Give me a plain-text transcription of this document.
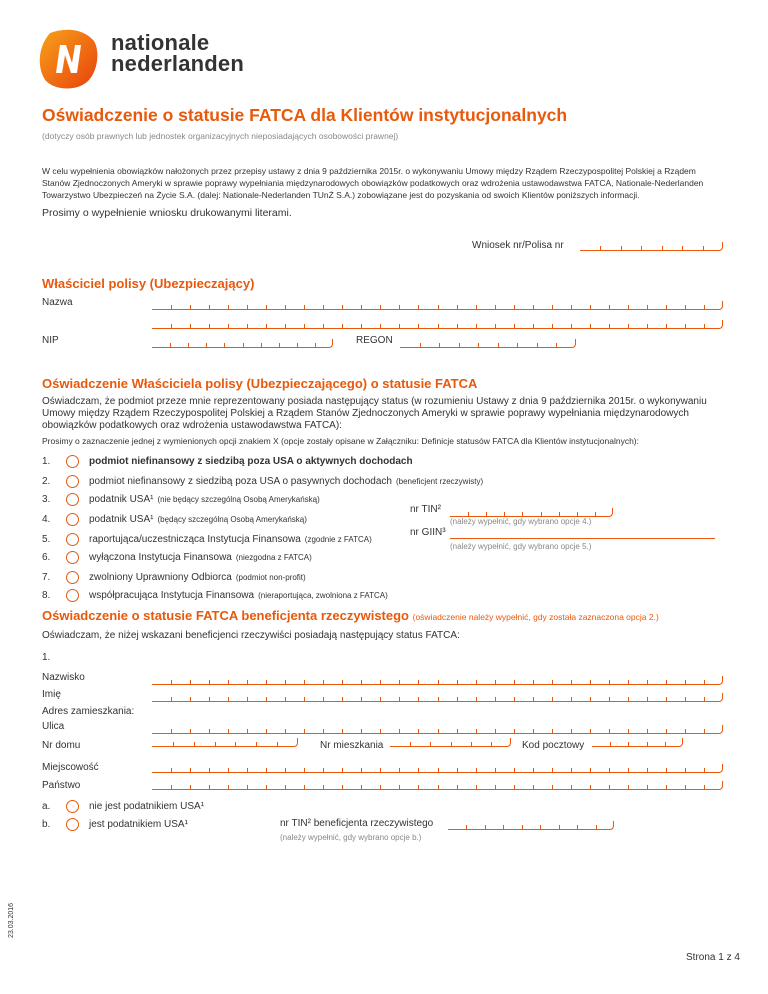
nationale
nederlanden
Oświadczenie o statusie FATCA dla Klientów instytucjonalnych
(dotyczy osób prawnych lub jednostek organizacyjnych nieposiadających osobowości prawnej)
W celu wypełnienia obowiązków nałożonych przez przepisy ustawy z dnia 9 października 2015r. o wykonywaniu Umowy między Rządem Rzeczypospolitej Polskiej a Rządem Stanów Zjednoczonych Ameryki w sprawie poprawy wypełniania międzynarodowych obowiązków podatkowych oraz wdrożenia ustawodawstwa FATCA, Nationale-Nederlanden Towarzystwo Ubezpieczeń na Życie S.A. (dalej: Nationale-Nederlanden TUnŻ S.A.) zobowiązane jest do pozyskania od swoich Klientów poniższych informacji.
Prosimy o wypełnienie wniosku drukowanymi literami.
Wniosek nr/Polisa nr
Właściciel polisy (Ubezpieczający)
Nazwa
NIP	REGON
Oświadczenie Właściciela polisy (Ubezpieczającego) o statusie FATCA
Oświadczam, że podmiot przeze mnie reprezentowany posiada następujący status (w rozumieniu Ustawy z dnia 9 października 2015r. o wykonywaniu Umowy między Rządem Rzeczypospolitej Polskiej a Rządem Stanów Zjednoczonych Ameryki w sprawie poprawy wypełniania międzynarodowych obowiązków podatkowych oraz wdrożenia ustawodawstwa FATCA):
Prosimy o zaznaczenie jednej z wymienionych opcji znakiem X (opcje zostały opisane w Załączniku: Definicje statusów FATCA dla Klientów instytucjonalnych):
1.	podmiot niefinansowy z siedzibą poza USA o aktywnych dochodach
2.	podmiot niefinansowy z siedzibą poza USA o pasywnych dochodach (beneficjent rzeczywisty)
3.	podatnik USA¹ (nie będący szczególną Osobą Amerykańską)
4.	podatnik USA¹ (będący szczególną Osobą Amerykańską)
5.	raportująca/uczestnicząca Instytucja Finansowa (zgodnie z FATCA)
6.	wyłączona Instytucja Finansowa (niezgodna z FATCA)
7.	zwolniony Uprawniony Odbiorca (podmiot non-profit)
8.	współpracująca Instytucja Finansowa (nieraportująca, zwolniona z FATCA)
nr TIN²
(należy wypełnić, gdy wybrano opcje 4.)
nr GIIN³
(należy wypełnić, gdy wybrano opcje 5.)
Oświadczenie o statusie FATCA beneficjenta rzeczywistego (oświadczenie należy wypełnić, gdy została zaznaczona opcja 2.)
Oświadczam, że niżej wskazani beneficjenci rzeczywiści posiadają następujący status FATCA:
1.
Nazwisko
Imię
Adres zamieszkania:
Ulica
Nr domu	Nr mieszkania	Kod pocztowy
Miejscowość
Państwo
a.	nie jest podatnikiem USA¹
b.	jest podatnikiem USA¹	nr TIN² beneficjenta rzeczywistego
(należy wypełnić, gdy wybrano opcje b.)
23.03.2016
Strona 1 z 4
